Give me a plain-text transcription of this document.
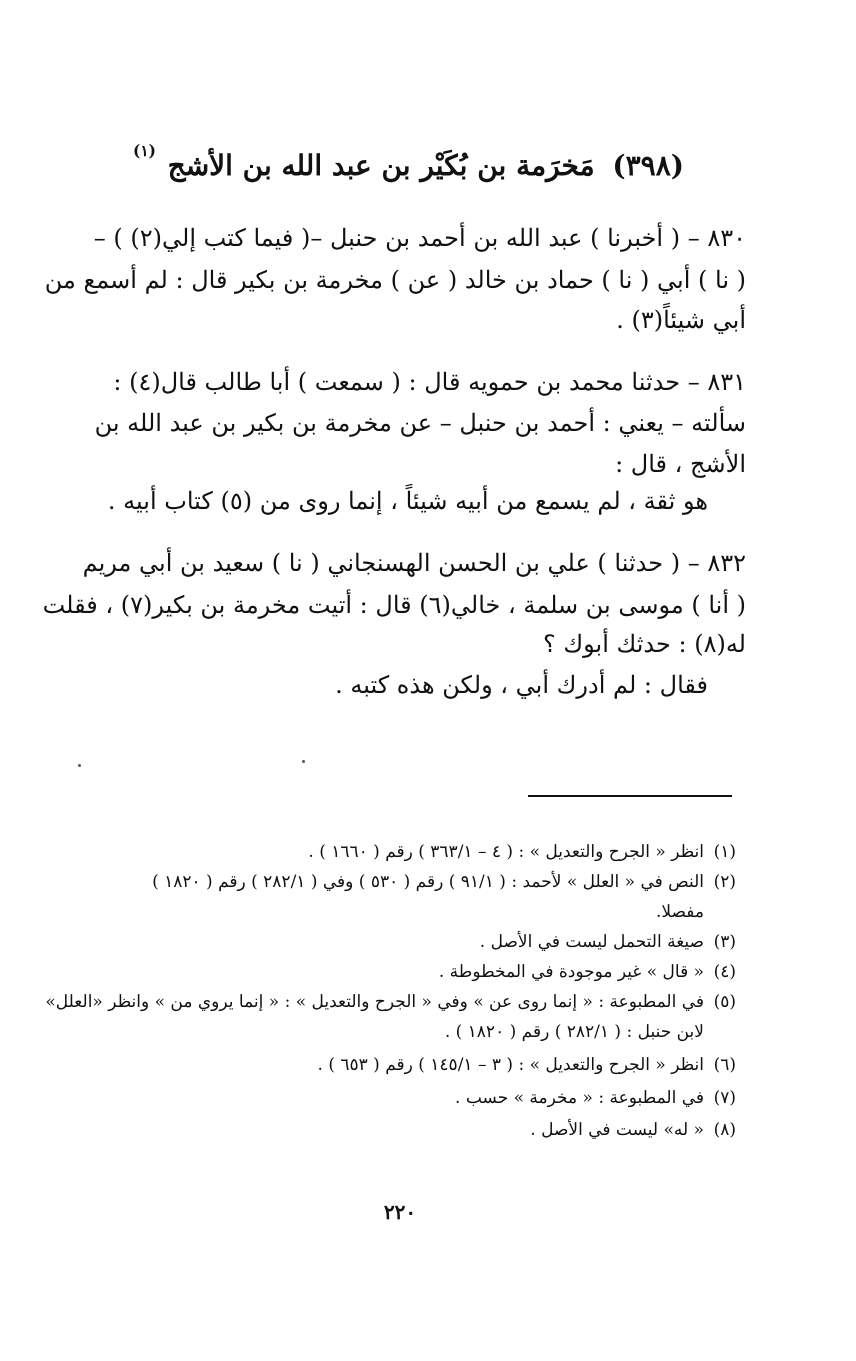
(٣٩٨) مَخرَمة بن بُكَيْر بن عبد الله بن الأشج $^{(١)}$
٨٣٠ – ( أخبرنا ) عبد الله بن أحمد بن حنبل –( فيما كتب إلي(٢) ) –
( نا ) أبي ( نا ) حماد بن خالد ( عن ) مخرمة بن بكير قال : لم أسمع من
أبي شيئاً(٣) .
٨٣١ – حدثنا محمد بن حمويه قال : ( سمعت ) أبا طالب قال(٤) :
سألته – يعني : أحمد بن حنبل – عن مخرمة بن بكير بن عبد الله بن
الأشج ، قال :
هو ثقة ، لم يسمع من أبيه شيئاً ، إنما روى من (٥) كتاب أبيه .
٨٣٢ – ( حدثنا ) علي بن الحسن الهسنجاني ( نا ) سعيد بن أبي مريم
( أنا ) موسى بن سلمة ، خالي(٦) قال : أتيت مخرمة بن بكير(٧) ، فقلت
له(٨) : حدثك أبوك ؟
فقال : لم أدرك أبي ، ولكن هذه كتبه .
(١)انظر « الجرح والتعديل » : ( ٤ – ٣٦٣/١ ) رقم ( ١٦٦٠ ) .
(٢)النص في « العلل » لأحمد : ( ٩١/١ ) رقم ( ٥٣٠ ) وفي ( ٢٨٢/١ ) رقم ( ١٨٢٠ )
مفصلا.
(٣)صيغة التحمل ليست في الأصل .
(٤)« قال » غير موجودة في المخطوطة .
(٥)في المطبوعة : « إنما روى عن » وفي « الجرح والتعديل » : « إنما يروي من » وانظر «العلل»
لابن حنبل : ( ٢٨٢/١ ) رقم ( ١٨٢٠ ) .
(٦)انظر « الجرح والتعديل » : ( ٣ – ١٤٥/١ ) رقم ( ٦٥٣ ) .
(٧)في المطبوعة : « مخرمة » حسب .
(٨)« له» ليست في الأصل .
٢٢٠
